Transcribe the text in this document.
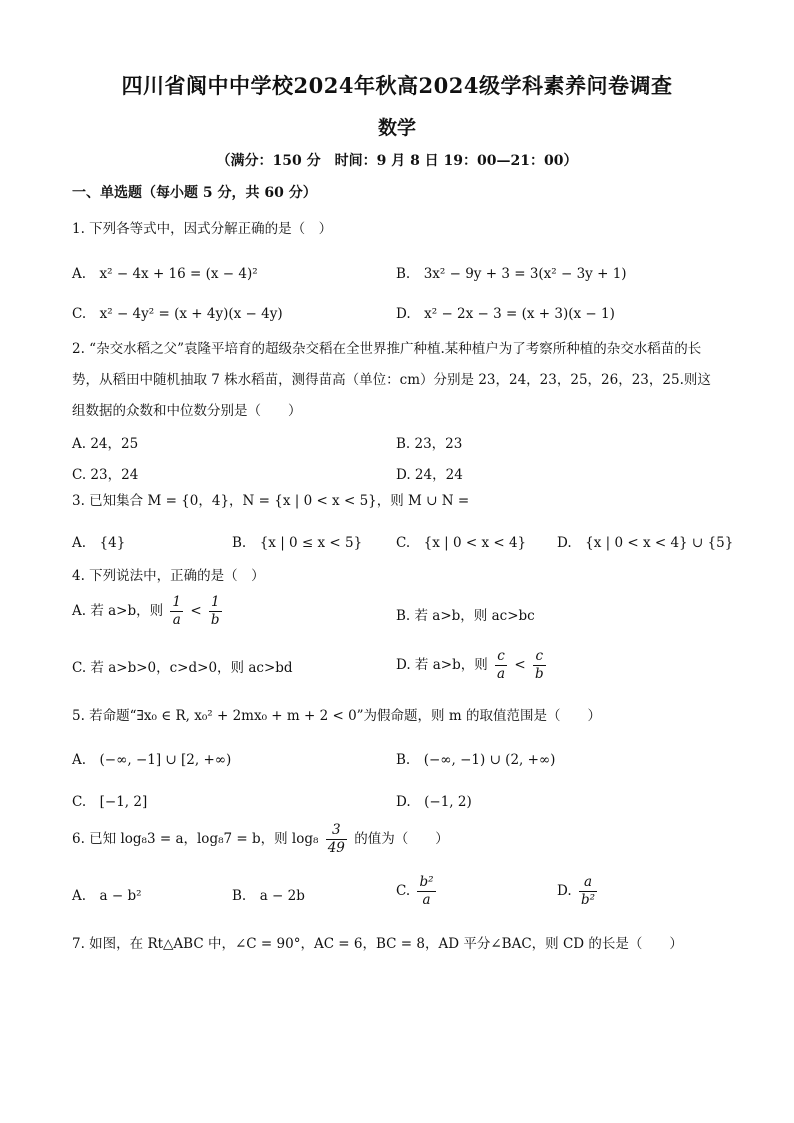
四川省阆中中学校2024年秋高2024级学科素养问卷调查
数学
（满分：150 分　时间：9 月 8 日 19：00—21：00）
一、单选题（每小题 5 分，共 60 分）
1. 下列各等式中，因式分解正确的是（　）
A.　x² − 4x + 16 = (x − 4)²	B.　3x² − 9y + 3 = 3(x² − 3y + 1)
C.　x² − 4y² = (x + 4y)(x − 4y)	D.　x² − 2x − 3 = (x + 3)(x − 1)
2. “杂交水稻之父”袁隆平培育的超级杂交稻在全世界推广种植.某种植户为了考察所种植的杂交水稻苗的长势，从稻田中随机抽取 7 株水稻苗，测得苗高（单位：cm）分别是 23，24，23，25，26，23，25.则这组数据的众数和中位数分别是（　　）
A. 24，25	B. 23，23
C. 23，24	D. 24，24
3. 已知集合 M = {0，4}，N = {x | 0 < x < 5}，则 M ∪ N =
A.　{4}	B.　{x | 0 ≤ x < 5}	C.　{x | 0 < x < 4} D.　{x | 0 < x < 4} ∪ {5}
4. 下列说法中，正确的是（　）
A. 若 a>b，则 $\frac{1}{a} < \frac{1}{b}$	B. 若 a>b，则 ac>bc
C. 若 a>b>0，c>d>0，则 ac>bd	D. 若 a>b，则 $\frac{c}{a} < \frac{c}{b}$
5. 若命题“∃x₀ ∈ R, x₀² + 2mx₀ + m + 2 < 0”为假命题，则 m 的取值范围是（　　）
A.　(−∞, −1] ∪ [2, +∞)	B.　(−∞, −1) ∪ (2, +∞)
C.　[−1, 2]	D.　(−1, 2)
6. 已知 log₈3 = a，log₈7 = b，则 $\log_8 \frac{3}{49}$ 的值为（　　）
A.　a − b²	B.　a − 2b	C. $\frac{\text{b²}}{a}$	D. $\frac{a}{\text{b²}}$
7. 如图，在 Rt△ABC 中，∠C = 90°，AC = 6，BC = 8，AD 平分∠BAC，则 CD 的长是（　　）
